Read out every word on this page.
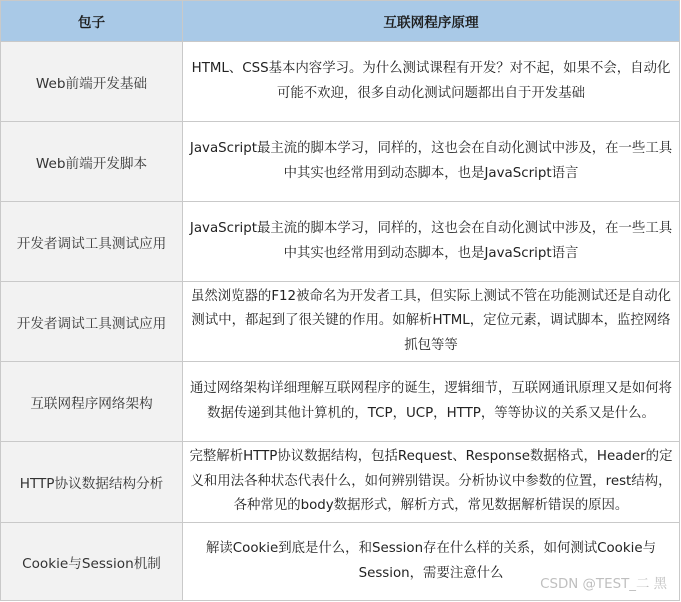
包子	互联网程序原理
Web前端开发基础	HTML、CSS基本内容学习。为什么测试课程有开发？对不起，如果不会，自动化可能不欢迎，很多自动化测试问题都出自于开发基础
Web前端开发脚本	JavaScript最主流的脚本学习，同样的，这也会在自动化测试中涉及，在一些工具中其实也经常用到动态脚本，也是JavaScript语言
开发者调试工具测试应用	JavaScript最主流的脚本学习，同样的，这也会在自动化测试中涉及，在一些工具中其实也经常用到动态脚本，也是JavaScript语言
开发者调试工具测试应用	虽然浏览器的F12被命名为开发者工具，但实际上测试不管在功能测试还是自动化测试中，都起到了很关键的作用。如解析HTML，定位元素，调试脚本，监控网络抓包等等
互联网程序网络架构	通过网络架构详细理解互联网程序的诞生，逻辑细节，互联网通讯原理又是如何将数据传递到其他计算机的，TCP，UCP，HTTP，等等协议的关系又是什么。
HTTP协议数据结构分析	完整解析HTTP协议数据结构，包括Request、Response数据格式，Header的定义和用法各种状态代表什么，如何辨别错误。分析协议中参数的位置，rest结构，各种常见的body数据形式，解析方式，常见数据解析错误的原因。
Cookie与Session机制	解读Cookie到底是什么，和Session存在什么样的关系，如何测试Cookie与Session，需要注意什么
CSDN @TEST_二 黑
